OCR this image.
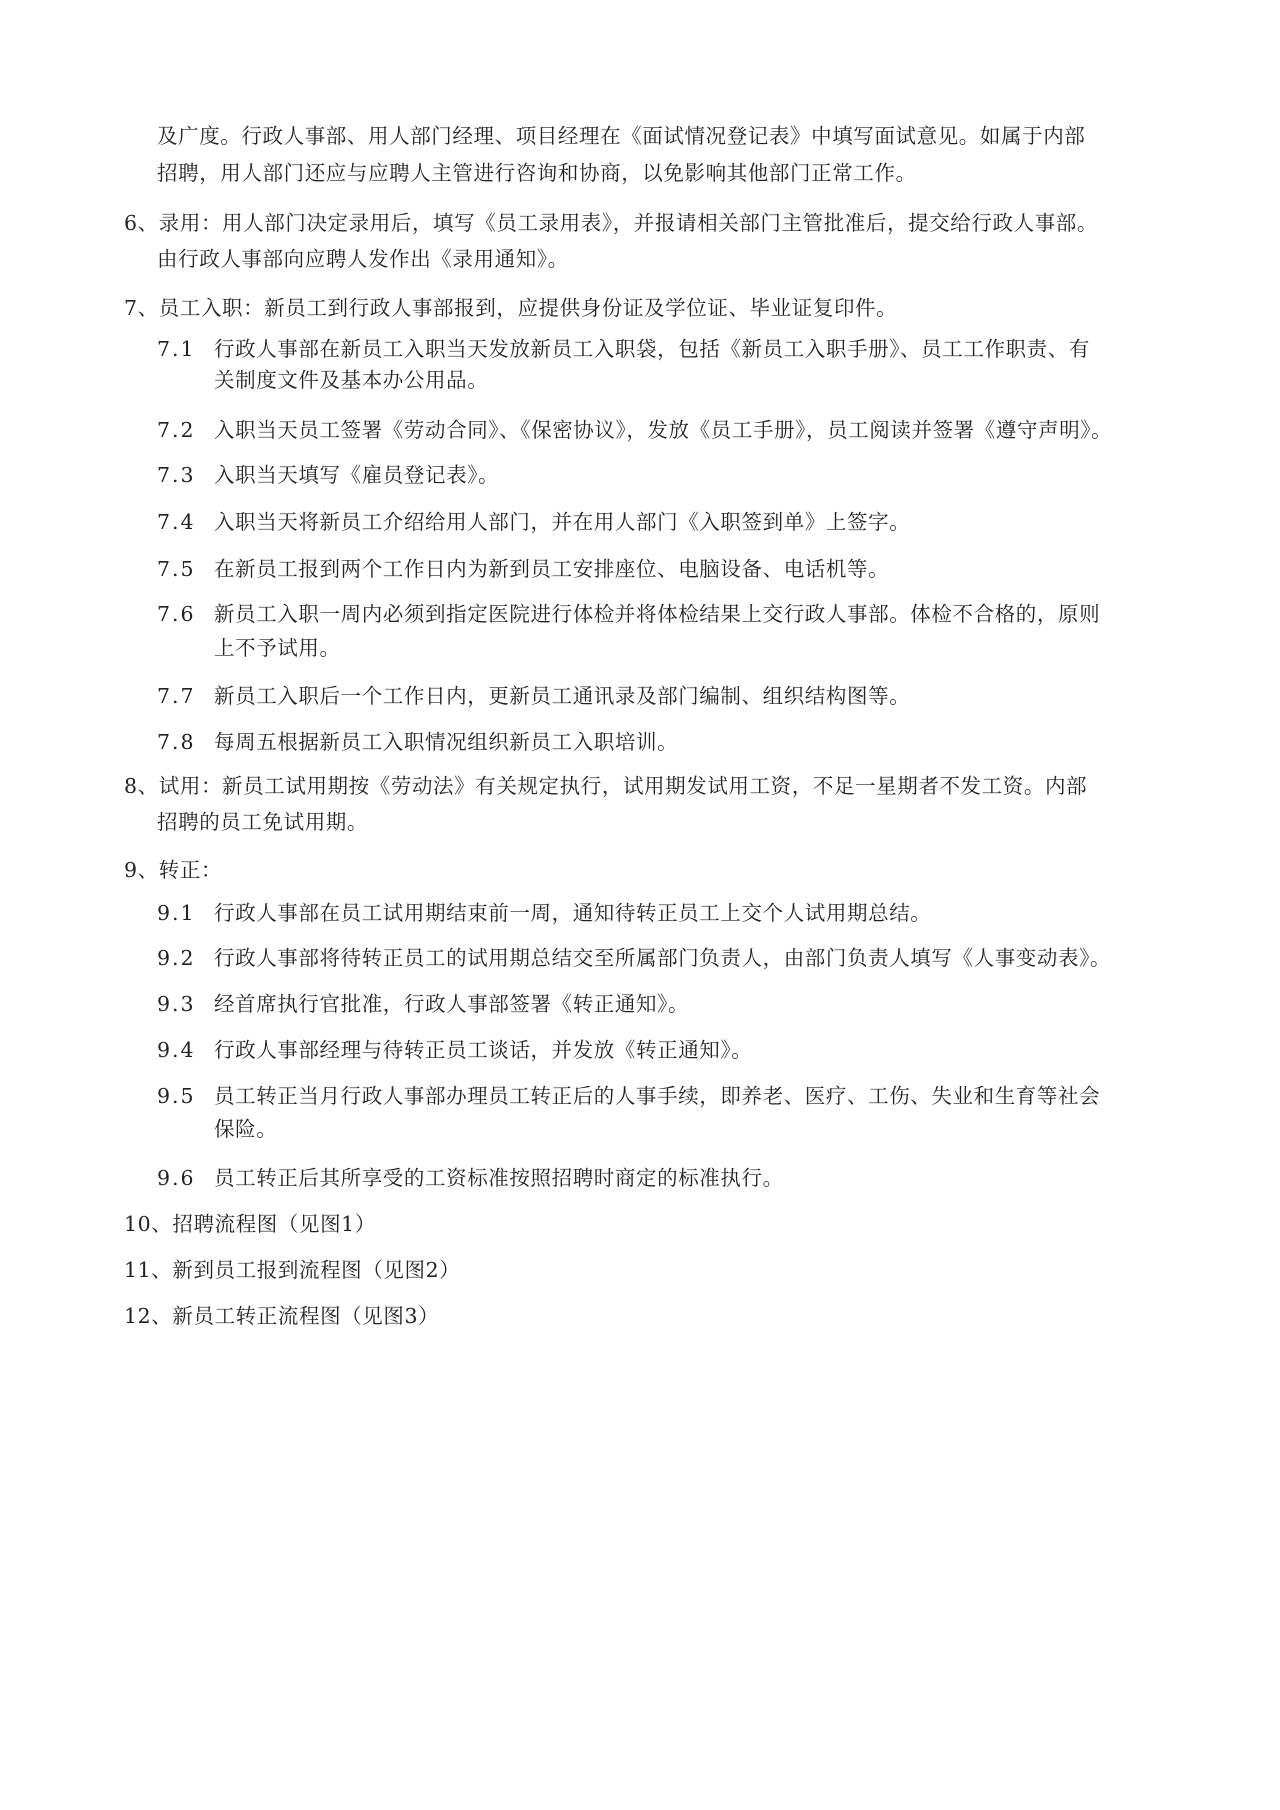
及广度。行政人事部、用人部门经理、项目经理在《面试情况登记表》中填写面试意见。如属于内部
招聘，用人部门还应与应聘人主管进行咨询和协商，以免影响其他部门正常工作。
6、录用：用人部门决定录用后，填写《员工录用表》，并报请相关部门主管批准后，提交给行政人事部。
由行政人事部向应聘人发作出《录用通知》。
7、员工入职：新员工到行政人事部报到，应提供身份证及学位证、毕业证复印件。
7.1 行政人事部在新员工入职当天发放新员工入职袋，包括《新员工入职手册》、员工工作职责、有
关制度文件及基本办公用品。
7.2 入职当天员工签署《劳动合同》、《保密协议》，发放《员工手册》，员工阅读并签署《遵守声明》。
7.3 入职当天填写《雇员登记表》。
7.4 入职当天将新员工介绍给用人部门，并在用人部门《入职签到单》上签字。
7.5 在新员工报到两个工作日内为新到员工安排座位、电脑设备、电话机等。
7.6 新员工入职一周内必须到指定医院进行体检并将体检结果上交行政人事部。体检不合格的，原则
上不予试用。
7.7 新员工入职后一个工作日内，更新员工通讯录及部门编制、组织结构图等。
7.8 每周五根据新员工入职情况组织新员工入职培训。
8、试用：新员工试用期按《劳动法》有关规定执行，试用期发试用工资，不足一星期者不发工资。内部
招聘的员工免试用期。
9、转正：
9.1 行政人事部在员工试用期结束前一周，通知待转正员工上交个人试用期总结。
9.2 行政人事部将待转正员工的试用期总结交至所属部门负责人，由部门负责人填写《人事变动表》。
9.3 经首席执行官批准，行政人事部签署《转正通知》。
9.4 行政人事部经理与待转正员工谈话，并发放《转正通知》。
9.5 员工转正当月行政人事部办理员工转正后的人事手续，即养老、医疗、工伤、失业和生育等社会
保险。
9.6 员工转正后其所享受的工资标准按照招聘时商定的标准执行。
10、招聘流程图（见图1）
11、新到员工报到流程图（见图2）
12、新员工转正流程图（见图3）
